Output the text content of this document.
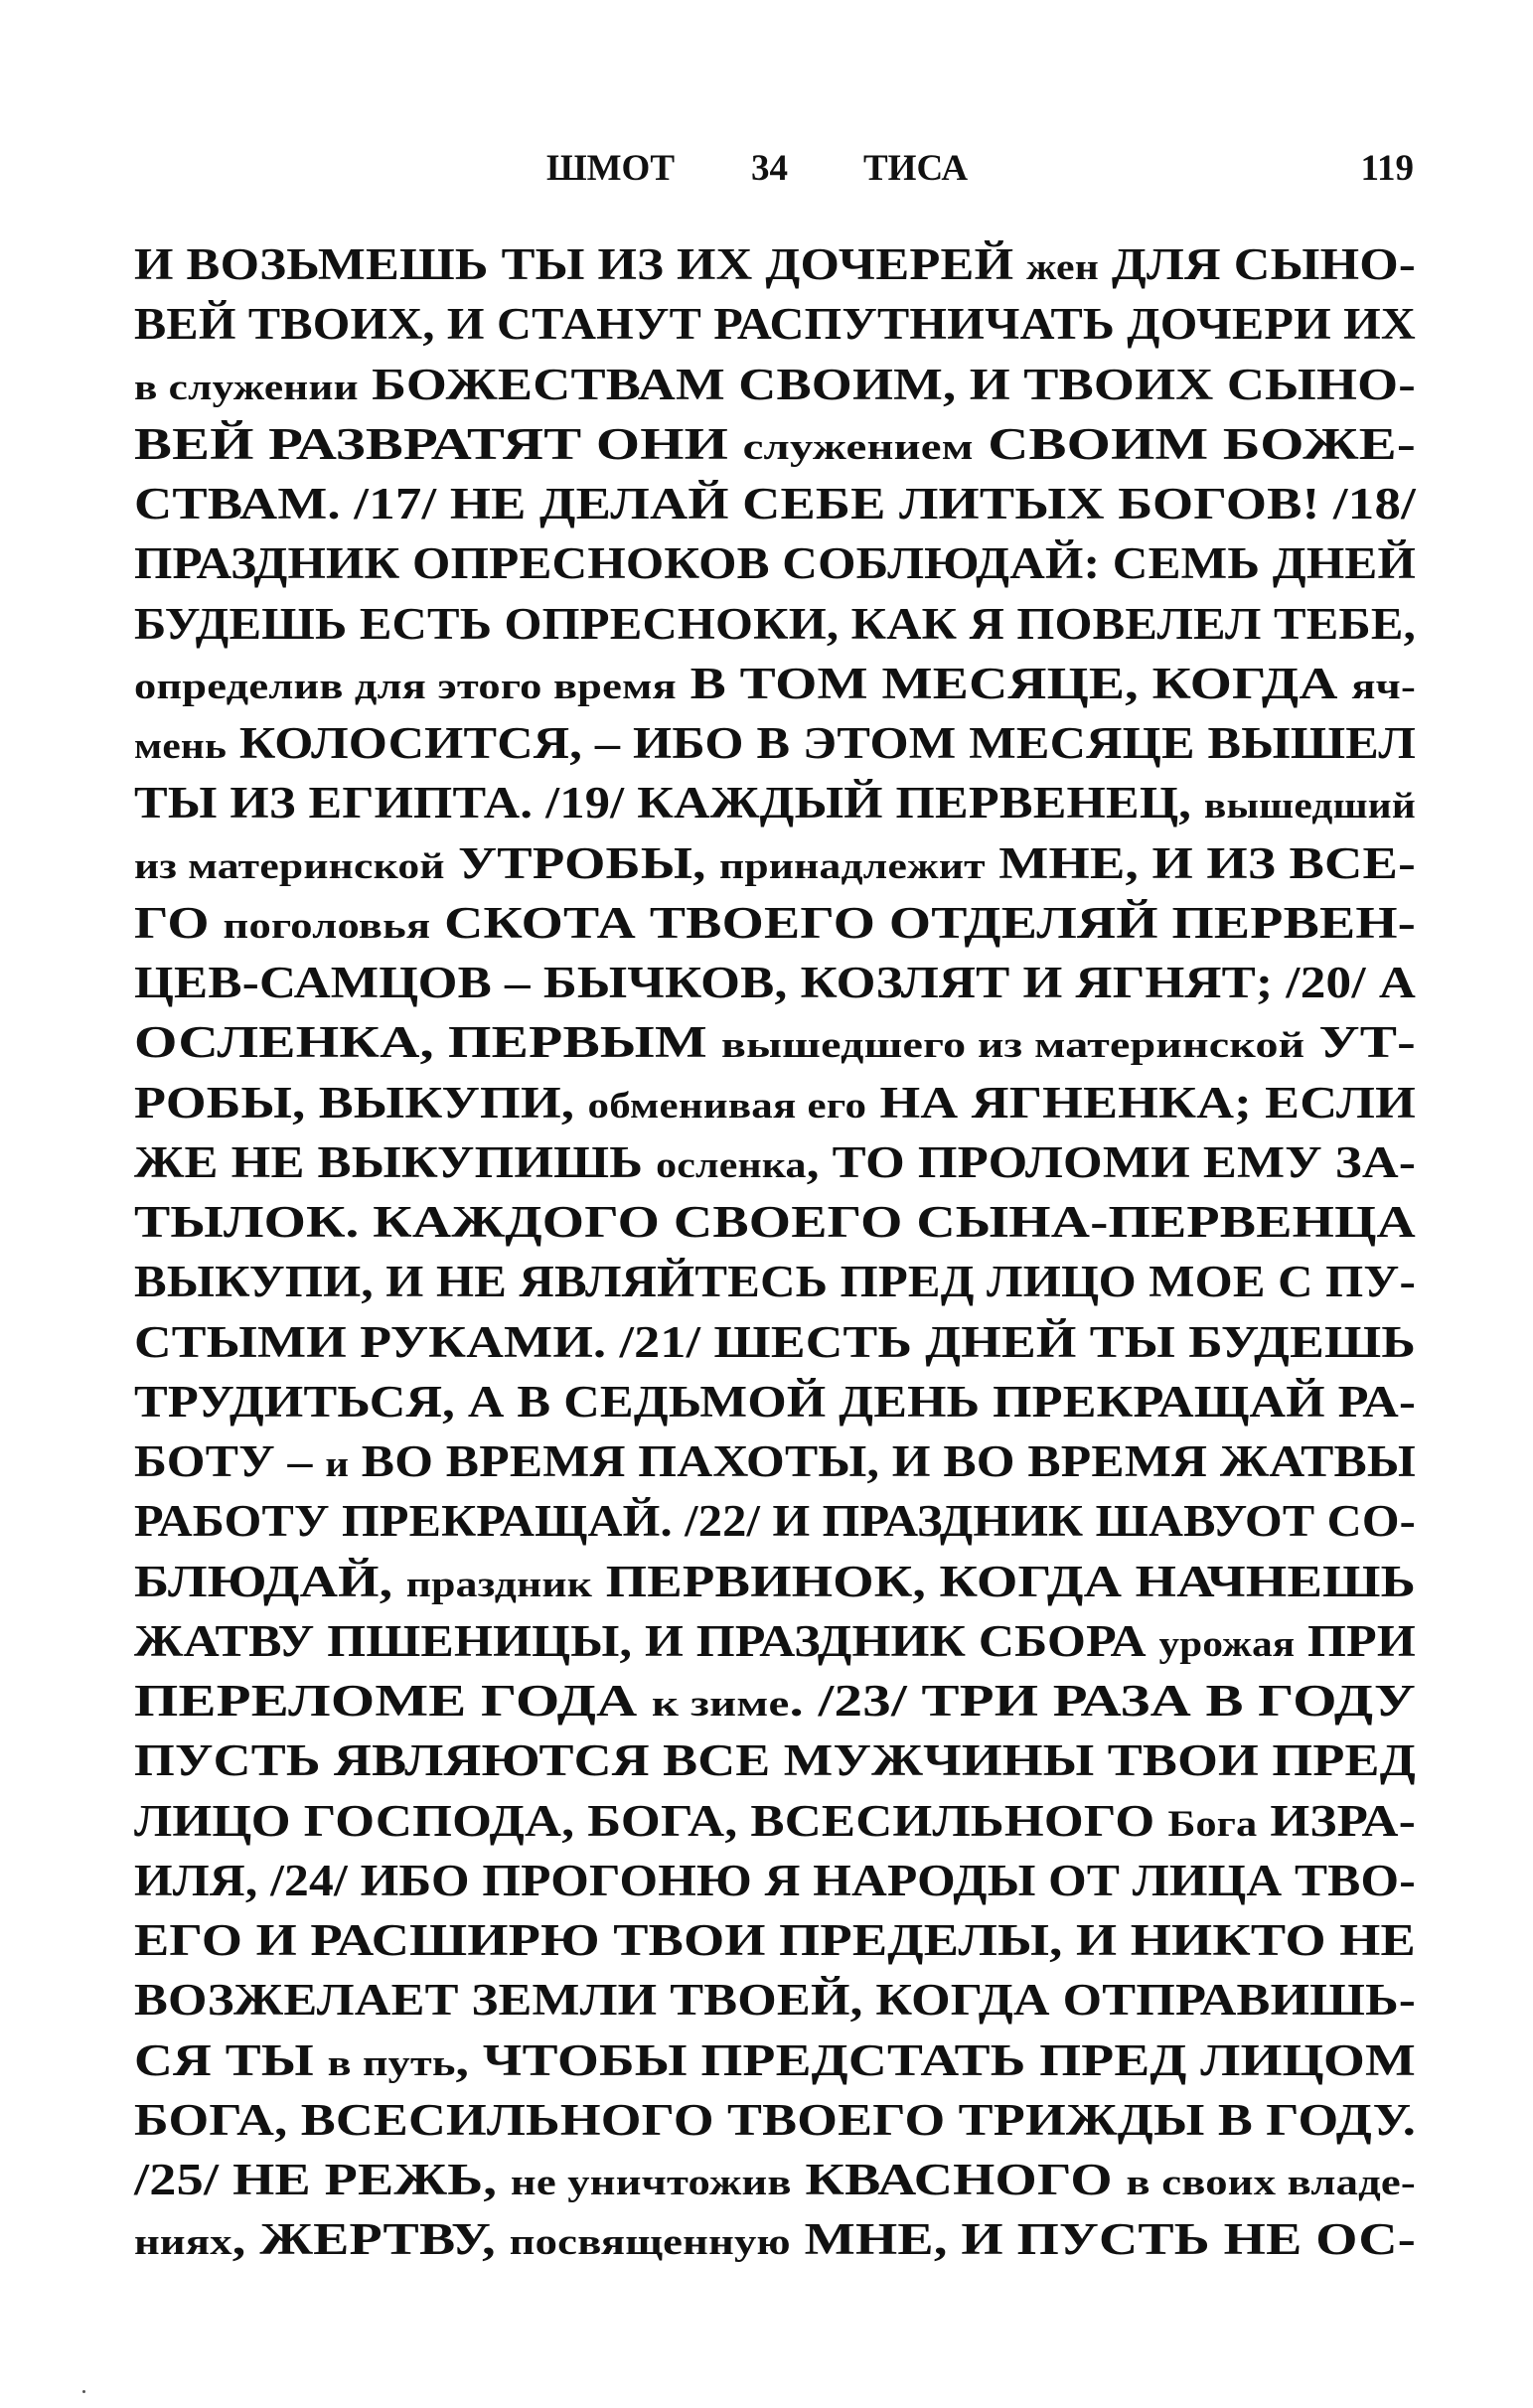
ШМОТ 34 ТИСА	119
И ВОЗЬМЕШЬ ТЫ ИЗ ИХ ДОЧЕРЕЙ жен ДЛЯ СЫНО-
ВЕЙ ТВОИХ, И СТАНУТ РАСПУТНИЧАТЬ ДОЧЕРИ ИХ
в служении БОЖЕСТВАМ СВОИМ, И ТВОИХ СЫНО-
ВЕЙ РАЗВРАТЯТ ОНИ служением СВОИМ БОЖЕ-
СТВАМ. /17/ НЕ ДЕЛАЙ СЕБЕ ЛИТЫХ БОГОВ! /18/
ПРАЗДНИК ОПРЕСНОКОВ СОБЛЮДАЙ: СЕМЬ ДНЕЙ
БУДЕШЬ ЕСТЬ ОПРЕСНОКИ, КАК Я ПОВЕЛЕЛ ТЕБЕ,
определив для этого время В ТОМ МЕСЯЦЕ, КОГДА яч-
мень КОЛОСИТСЯ, – ИБО В ЭТОМ МЕСЯЦЕ ВЫШЕЛ
ТЫ ИЗ ЕГИПТА. /19/ КАЖДЫЙ ПЕРВЕНЕЦ, вышедший
из материнской УТРОБЫ, принадлежит МНЕ, И ИЗ ВСЕ-
ГО поголовья СКОТА ТВОЕГО ОТДЕЛЯЙ ПЕРВЕН-
ЦЕВ-САМЦОВ – БЫЧКОВ, КОЗЛЯТ И ЯГНЯТ; /20/ А
ОСЛЕНКА, ПЕРВЫМ вышедшего из материнской УТ-
РОБЫ, ВЫКУПИ, обменивая его НА ЯГНЕНКА; ЕСЛИ
ЖЕ НЕ ВЫКУПИШЬ осленка, ТО ПРОЛОМИ ЕМУ ЗА-
ТЫЛОК. КАЖДОГО СВОЕГО СЫНА-ПЕРВЕНЦА
ВЫКУПИ, И НЕ ЯВЛЯЙТЕСЬ ПРЕД ЛИЦО МОЕ С ПУ-
СТЫМИ РУКАМИ. /21/ ШЕСТЬ ДНЕЙ ТЫ БУДЕШЬ
ТРУДИТЬСЯ, А В СЕДЬМОЙ ДЕНЬ ПРЕКРАЩАЙ РА-
БОТУ – и ВО ВРЕМЯ ПАХОТЫ, И ВО ВРЕМЯ ЖАТВЫ
РАБОТУ ПРЕКРАЩАЙ. /22/ И ПРАЗДНИК ШАВУОТ СО-
БЛЮДАЙ, праздник ПЕРВИНОК, КОГДА НАЧНЕШЬ
ЖАТВУ ПШЕНИЦЫ, И ПРАЗДНИК СБОРА урожая ПРИ
ПЕРЕЛОМЕ ГОДА к зиме. /23/ ТРИ РАЗА В ГОДУ
ПУСТЬ ЯВЛЯЮТСЯ ВСЕ МУЖЧИНЫ ТВОИ ПРЕД
ЛИЦО ГОСПОДА, БОГА, ВСЕСИЛЬНОГО Бога ИЗРА-
ИЛЯ, /24/ ИБО ПРОГОНЮ Я НАРОДЫ ОТ ЛИЦА ТВО-
ЕГО И РАСШИРЮ ТВОИ ПРЕДЕЛЫ, И НИКТО НЕ
ВОЗЖЕЛАЕТ ЗЕМЛИ ТВОЕЙ, КОГДА ОТПРАВИШЬ-
СЯ ТЫ в путь, ЧТОБЫ ПРЕДСТАТЬ ПРЕД ЛИЦОМ
БОГА, ВСЕСИЛЬНОГО ТВОЕГО ТРИЖДЫ В ГОДУ.
/25/ НЕ РЕЖЬ, не уничтожив КВАСНОГО в своих владе-
ниях, ЖЕРТВУ, посвященную МНЕ, И ПУСТЬ НЕ ОС-
